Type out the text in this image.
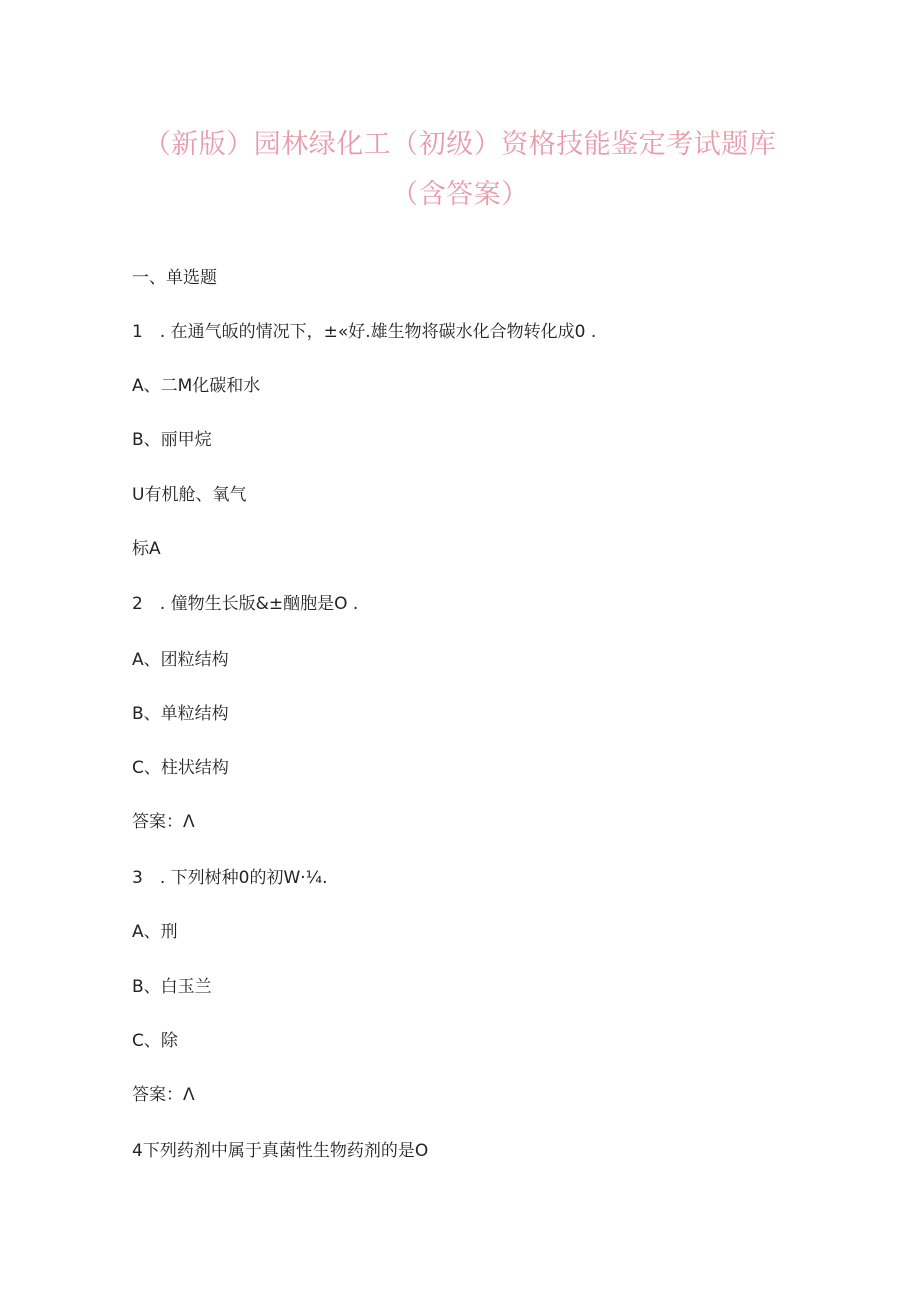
（新版）园林绿化工（初级）资格技能鉴定考试题库
（含答案）
一、单选题
1　. 在通气皈的情况下，±«好.雄生物将碳水化合物转化成0 .
A、二M化碳和水
B、丽甲烷
U有机舱、氧气
标A
2　. 僮物生长版&±酗胞是O .
A、团粒结构
B、单粒结构
C、柱状结构
答案：Λ
3　. 下列树种0的初W·¼.
A、刑
B、白玉兰
C、除
答案：Λ
4下列药剂中属于真菌性生物药剂的是O
